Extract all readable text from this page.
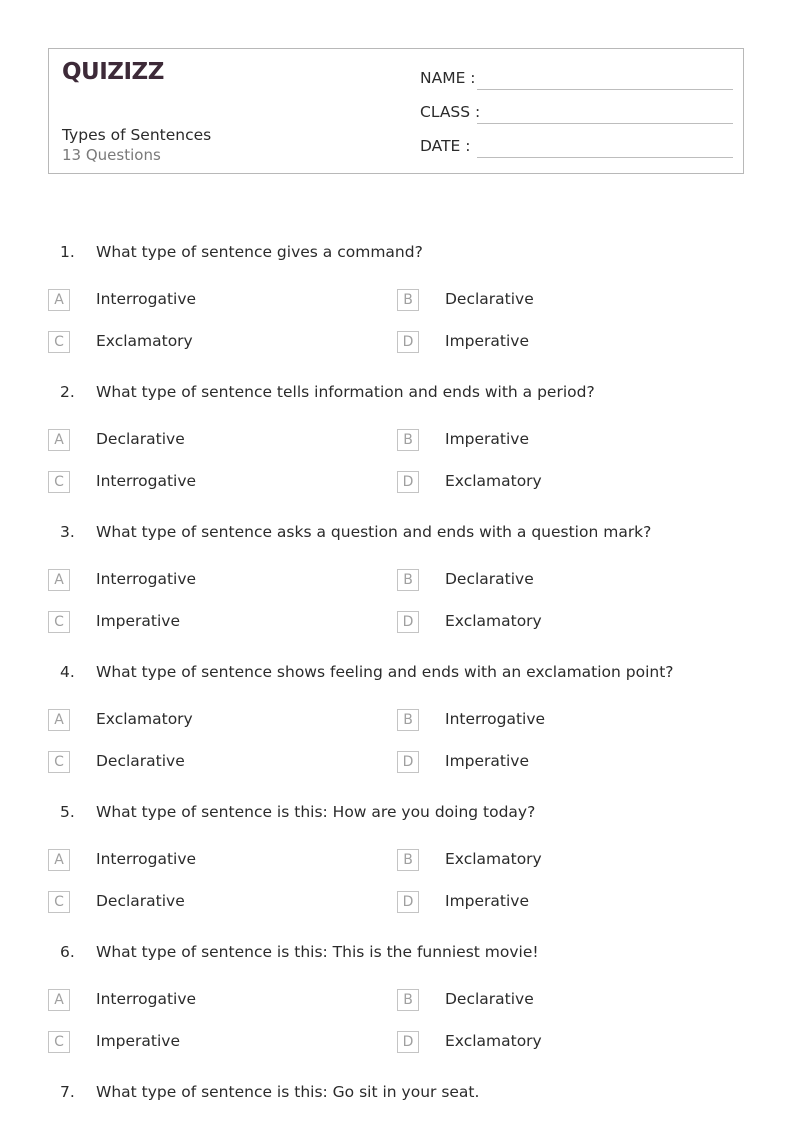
QUIZIZZ
Types of Sentences
13 Questions
NAME :
CLASS :
DATE :
1. What type of sentence gives a command?
A	Interrogative	B	Declarative
C	Exclamatory	D	Imperative
2. What type of sentence tells information and ends with a period?
A	Declarative	B	Imperative
C	Interrogative	D	Exclamatory
3. What type of sentence asks a question and ends with a question mark?
A	Interrogative	B	Declarative
C	Imperative	D	Exclamatory
4. What type of sentence shows feeling and ends with an exclamation point?
A	Exclamatory	B	Interrogative
C	Declarative	D	Imperative
5. What type of sentence is this: How are you doing today?
A	Interrogative	B	Exclamatory
C	Declarative	D	Imperative
6. What type of sentence is this: This is the funniest movie!
A	Interrogative	B	Declarative
C	Imperative	D	Exclamatory
7. What type of sentence is this: Go sit in your seat.
